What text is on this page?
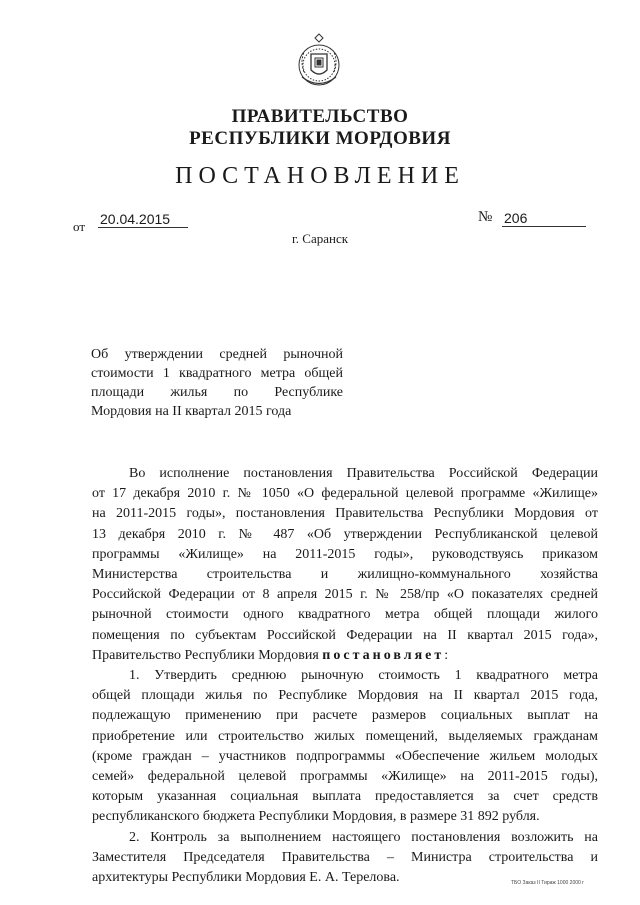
ПРАВИТЕЛЬСТВО
РЕСПУБЛИКИ МОРДОВИЯ
ПОСТАНОВЛЕНИЕ
от 20.04.2015	№ 206
г. Саранск
Об утверждении средней рыночной
стоимости 1 квадратного метра общей
площади жилья по Республике
Мордовия на II квартал 2015 года
Во исполнение постановления Правительства Российской Федерации
от 17 декабря 2010 г. № 1050 «О федеральной целевой программе «Жилище»
на 2011-2015 годы», постановления Правительства Республики Мордовия от
13 декабря 2010 г. № 487 «Об утверждении Республиканской целевой
программы «Жилище» на 2011-2015 годы», руководствуясь приказом
Министерства строительства и жилищно-коммунального хозяйства
Российской Федерации от 8 апреля 2015 г. № 258/пр «О показателях средней
рыночной стоимости одного квадратного метра общей площади жилого
помещения по субъектам Российской Федерации на II квартал 2015 года»,
Правительство Республики Мордовия постановляет:
1. Утвердить среднюю рыночную стоимость 1 квадратного метра
общей площади жилья по Республике Мордовия на II квартал 2015 года,
подлежащую применению при расчете размеров социальных выплат на
приобретение или строительство жилых помещений, выделяемых гражданам
(кроме граждан – участников подпрограммы «Обеспечение жильем молодых
семей» федеральной целевой программы «Жилище» на 2011-2015 годы),
которым указанная социальная выплата предоставляется за счет средств
республиканского бюджета Республики Мордовия, в размере 31 892 рубля.
2. Контроль за выполнением настоящего постановления возложить на
Заместителя Председателя Правительства – Министра строительства и
архитектуры Республики Мордовия Е. А. Терелова.	ТБО Заказ II Тираж 1000 2000 г
